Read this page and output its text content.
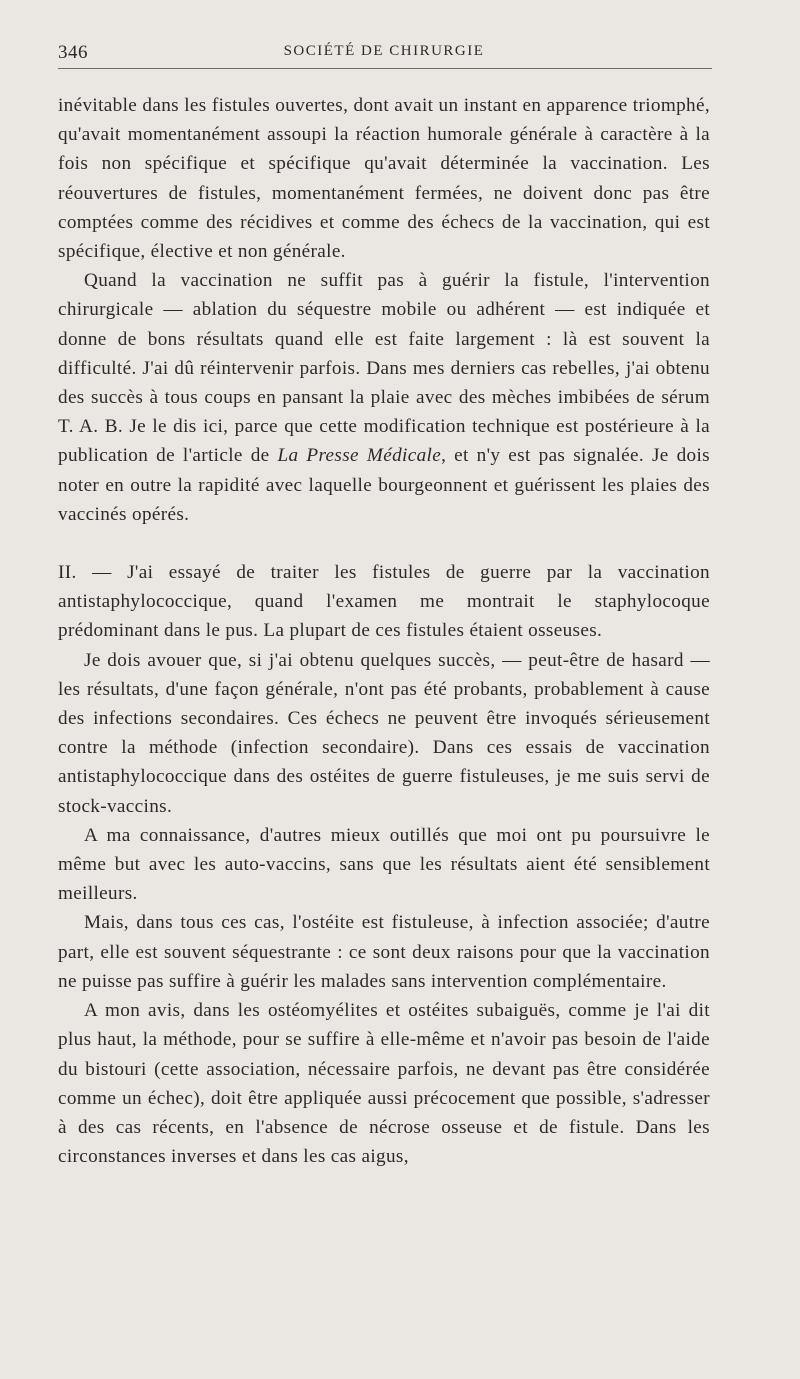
346	SOCIÉTÉ DE CHIRURGIE

inévitable dans les fistules ouvertes, dont avait un instant en apparence triomphé, qu'avait momentanément assoupi la réaction humorale générale à caractère à la fois non spécifique et spécifique qu'avait déterminée la vaccination. Les réouvertures de fistules, momentanément fermées, ne doivent donc pas être comptées comme des récidives et comme des échecs de la vaccination, qui est spécifique, élective et non générale.

Quand la vaccination ne suffit pas à guérir la fistule, l'intervention chirurgicale — ablation du séquestre mobile ou adhérent — est indiquée et donne de bons résultats quand elle est faite largement : là est souvent la difficulté. J'ai dû réintervenir parfois. Dans mes derniers cas rebelles, j'ai obtenu des succès à tous coups en pansant la plaie avec des mèches imbibées de sérum T. A. B. Je le dis ici, parce que cette modification technique est postérieure à la publication de l'article de La Presse Médicale, et n'y est pas signalée. Je dois noter en outre la rapidité avec laquelle bourgeonnent et guérissent les plaies des vaccinés opérés.

II. — J'ai essayé de traiter les fistules de guerre par la vaccination antistaphylococcique, quand l'examen me montrait le staphylocoque prédominant dans le pus. La plupart de ces fistules étaient osseuses.

Je dois avouer que, si j'ai obtenu quelques succès, — peut-être de hasard — les résultats, d'une façon générale, n'ont pas été probants, probablement à cause des infections secondaires. Ces échecs ne peuvent être invoqués sérieusement contre la méthode (infection secondaire). Dans ces essais de vaccination antistaphylococcique dans des ostéites de guerre fistuleuses, je me suis servi de stock-vaccins.

A ma connaissance, d'autres mieux outillés que moi ont pu poursuivre le même but avec les auto-vaccins, sans que les résultats aient été sensiblement meilleurs.

Mais, dans tous ces cas, l'ostéite est fistuleuse, à infection associée; d'autre part, elle est souvent séquestrante : ce sont deux raisons pour que la vaccination ne puisse pas suffire à guérir les malades sans intervention complémentaire.

A mon avis, dans les ostéomyélites et ostéites subaiguës, comme je l'ai dit plus haut, la méthode, pour se suffire à elle-même et n'avoir pas besoin de l'aide du bistouri (cette association, nécessaire parfois, ne devant pas être considérée comme un échec), doit être appliquée aussi précocement que possible, s'adresser à des cas récents, en l'absence de nécrose osseuse et de fistule. Dans les circonstances inverses et dans les cas aigus,
